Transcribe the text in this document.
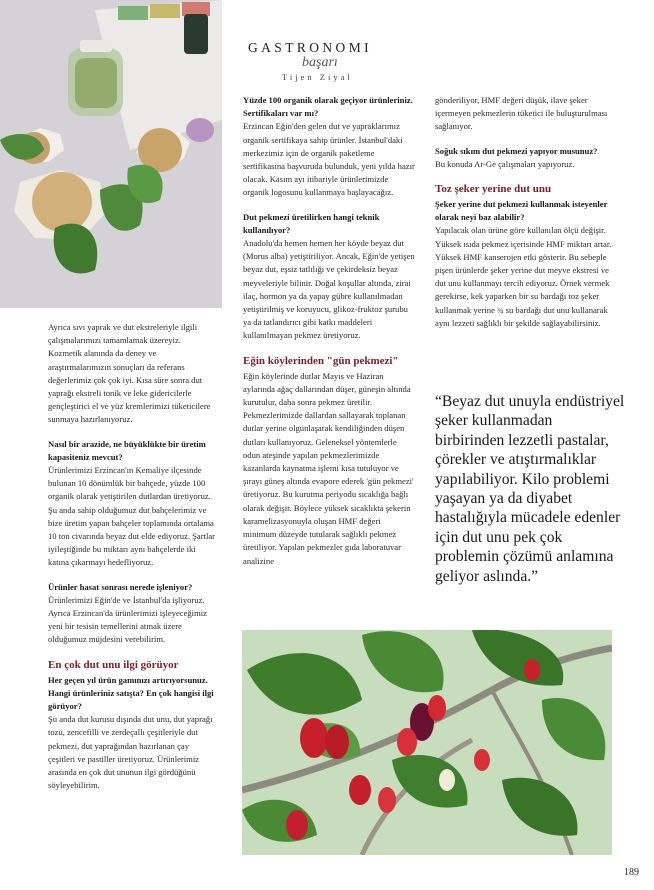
GASTRONOMI
başarı
Tijen Ziyal

Ayrıca sıvı yaprak ve dut ekstreleriyle ilgili çalışmalarımızı tamamlamak üzereyiz. Kozmetik alanında da deney ve araştırmalarımızın sonuçları da referans değerlerimiz çok çok iyi. Kısa süre sonra dut yaprağı ekstreli tonik ve leke gidericilerle gençleştirici el ve yüz kremlerimizi tüketicilere sunmaya hazırlanıyoruz.

Nasıl bir arazide, ne büyüklükte bir üretim kapasiteniz mevcut?

Ürünlerimizi Erzincan'ın Kemaliye ilçesinde bulunan 10 dönümlük bir bahçede, yüzde 100 organik olarak yetiştirilen dutlardan üretiyoruz. Şu anda sahip olduğumuz dut bahçelerimiz ve bize üretim yapan bahçeler toplamında ortalama 10 ton civarında beyaz dut elde ediyoruz. Şartlar iyileştiğinde bu miktarı aynı bahçelerde iki katına çıkarmayı hedefliyoruz.

Ürünler hasat sonrası nerede işleniyor?

Ürünlerimizi Eğin'de ve İstanbul'da işliyoruz. Ayrıca Erzincan'da ürünlerimizi işleyeceğimiz yeni bir tesisin temellerini atmak üzere olduğumuz müjdesini verebilirim.

En çok dut unu ilgi görüyor
Her geçen yıl ürün gamınızı artırıyorsunuz. Hangi ürünleriniz satışta? En çok hangisi ilgi görüyor?

Şu anda dut kurusu dışında dut unu, dut yaprağı tozu, zencefilli ve zerdeçallı çeşitleriyle dut pekmezi, dut yaprağından hazırlanan çay çeşitleri ve pastiller üretiyoruz. Ürünlerimiz arasında en çok dut ununun ilgi gördüğünü söyleyebilirim.

Yüzde 100 organik olarak geçiyor ürünleriniz. Sertifikaları var mı?

Erzincan Eğin'den gelen dut ve yapraklarımız organik sertifikaya sahip ürünler. İstanbul'daki merkezimiz için de organik paketleme sertifikasına başvuruda bulunduk, yeni yılda hazır olacak. Kasım ayı itibariyle ürünlerimizde organik logosunu kullanmaya başlayacağız.

Dut pekmezi üretilirken hangi teknik kullanılıyor?

Anadolu'da hemen hemen her köyde beyaz dut (Morus alba) yetiştiriliyor. Ancak, Eğin'de yetişen beyaz dut, eşsiz tatlılığı ve çekirdeksiz beyaz meyveleriyle bilinir. Doğal koşullar altında, zirai ilaç, hormon ya da yapay gübre kullanılmadan yetiştirilmiş ve koruyucu, glikoz-fruktoz şurubu ya da tatlandırıcı gibi katkı maddeleri kullanılmayan pekmez üretiyoruz.

Eğin köylerinden "gün pekmezi"

Eğin köylerinde dutlar Mayıs ve Haziran aylarında ağaç dallarından düşer, güneşin altında kurutulur, daha sonra pekmez üretilir. Pekmezlerimizde dallardan sallayarak toplanan dutlar yerine olgunlaşarak kendiliğinden düşen dutları kullanıyoruz. Geleneksel yöntemlerle odun ateşinde yapılan pekmezlerimizde kazanlarda kaynatma işlemi kısa tutuluyor ve şırayı güneş altında evapore ederek 'gün pekmezi' üretiyoruz. Bu kurutma periyodu sıcaklığa bağlı olarak değişir. Böylece yüksek sıcaklıkta şekerin karamelizasyonuyla oluşan HMF değeri minimum düzeyde tutularak sağlıklı pekmez üretiliyor. Yapılan pekmezler gıda laboratuvar analizine

gönderiliyor, HMF değeri düşük, ilave şeker içermeyen pekmezlerin tüketici ile buluşturulması sağlanıyor.

Soğuk sıkım dut pekmezi yapıyor musunuz?

Bu konuda Ar-Ge çalışmaları yapıyoruz.

Toz şeker yerine dut unu
Şeker yerine dut pekmezi kullanmak isteyenler olarak neyi baz alabilir?

Yapılacak olan ürüne göre kullanılan ölçü değişir. Yüksek ısıda pekmez içerisinde HMF miktarı artar. Yüksek HMF kanserojen etki gösterir. Bu sebeple pişen ürünlerde şeker yerine dut meyve ekstresi ve dut unu kullanmayı tercih ediyoruz. Örnek vermek gerekirse, kek yaparken bir su bardağı toz şeker kullanmak yerine ¾ su bardağı dut unu kullanarak aynı lezzeti sağlıklı bir şekilde sağlayabilirsiniz.

“Beyaz dut unuyla endüstriyel şeker kullanmadan birbirinden lezzetli pastalar, çörekler ve atıştırmalıklar yapılabiliyor. Kilo problemi yaşayan ya da diyabet hastalığıyla mücadele edenler için dut unu pek çok problemin çözümü anlamına geliyor aslında.”
189
